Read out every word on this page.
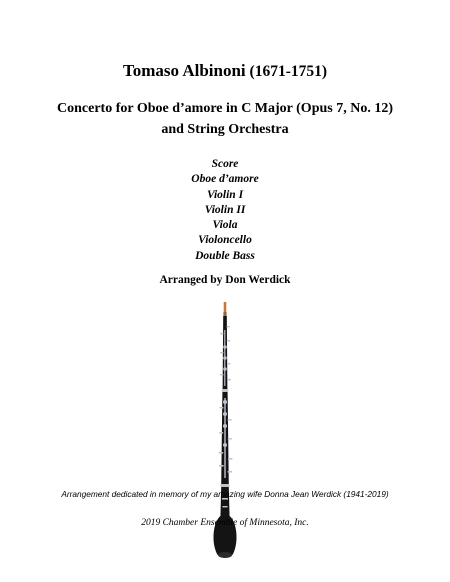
Tomaso Albinoni (1671-1751)
Concerto for Oboe d’amore in C Major (Opus 7, No. 12)
and String Orchestra
Score
Oboe d’amore
Violin I
Violin II
Viola
Violoncello
Double Bass
Arranged by Don Werdick
Arrangement dedicated in memory of my amazing wife Donna Jean Werdick (1941-2019)
2019 Chamber Ensemble of Minnesota, Inc.
